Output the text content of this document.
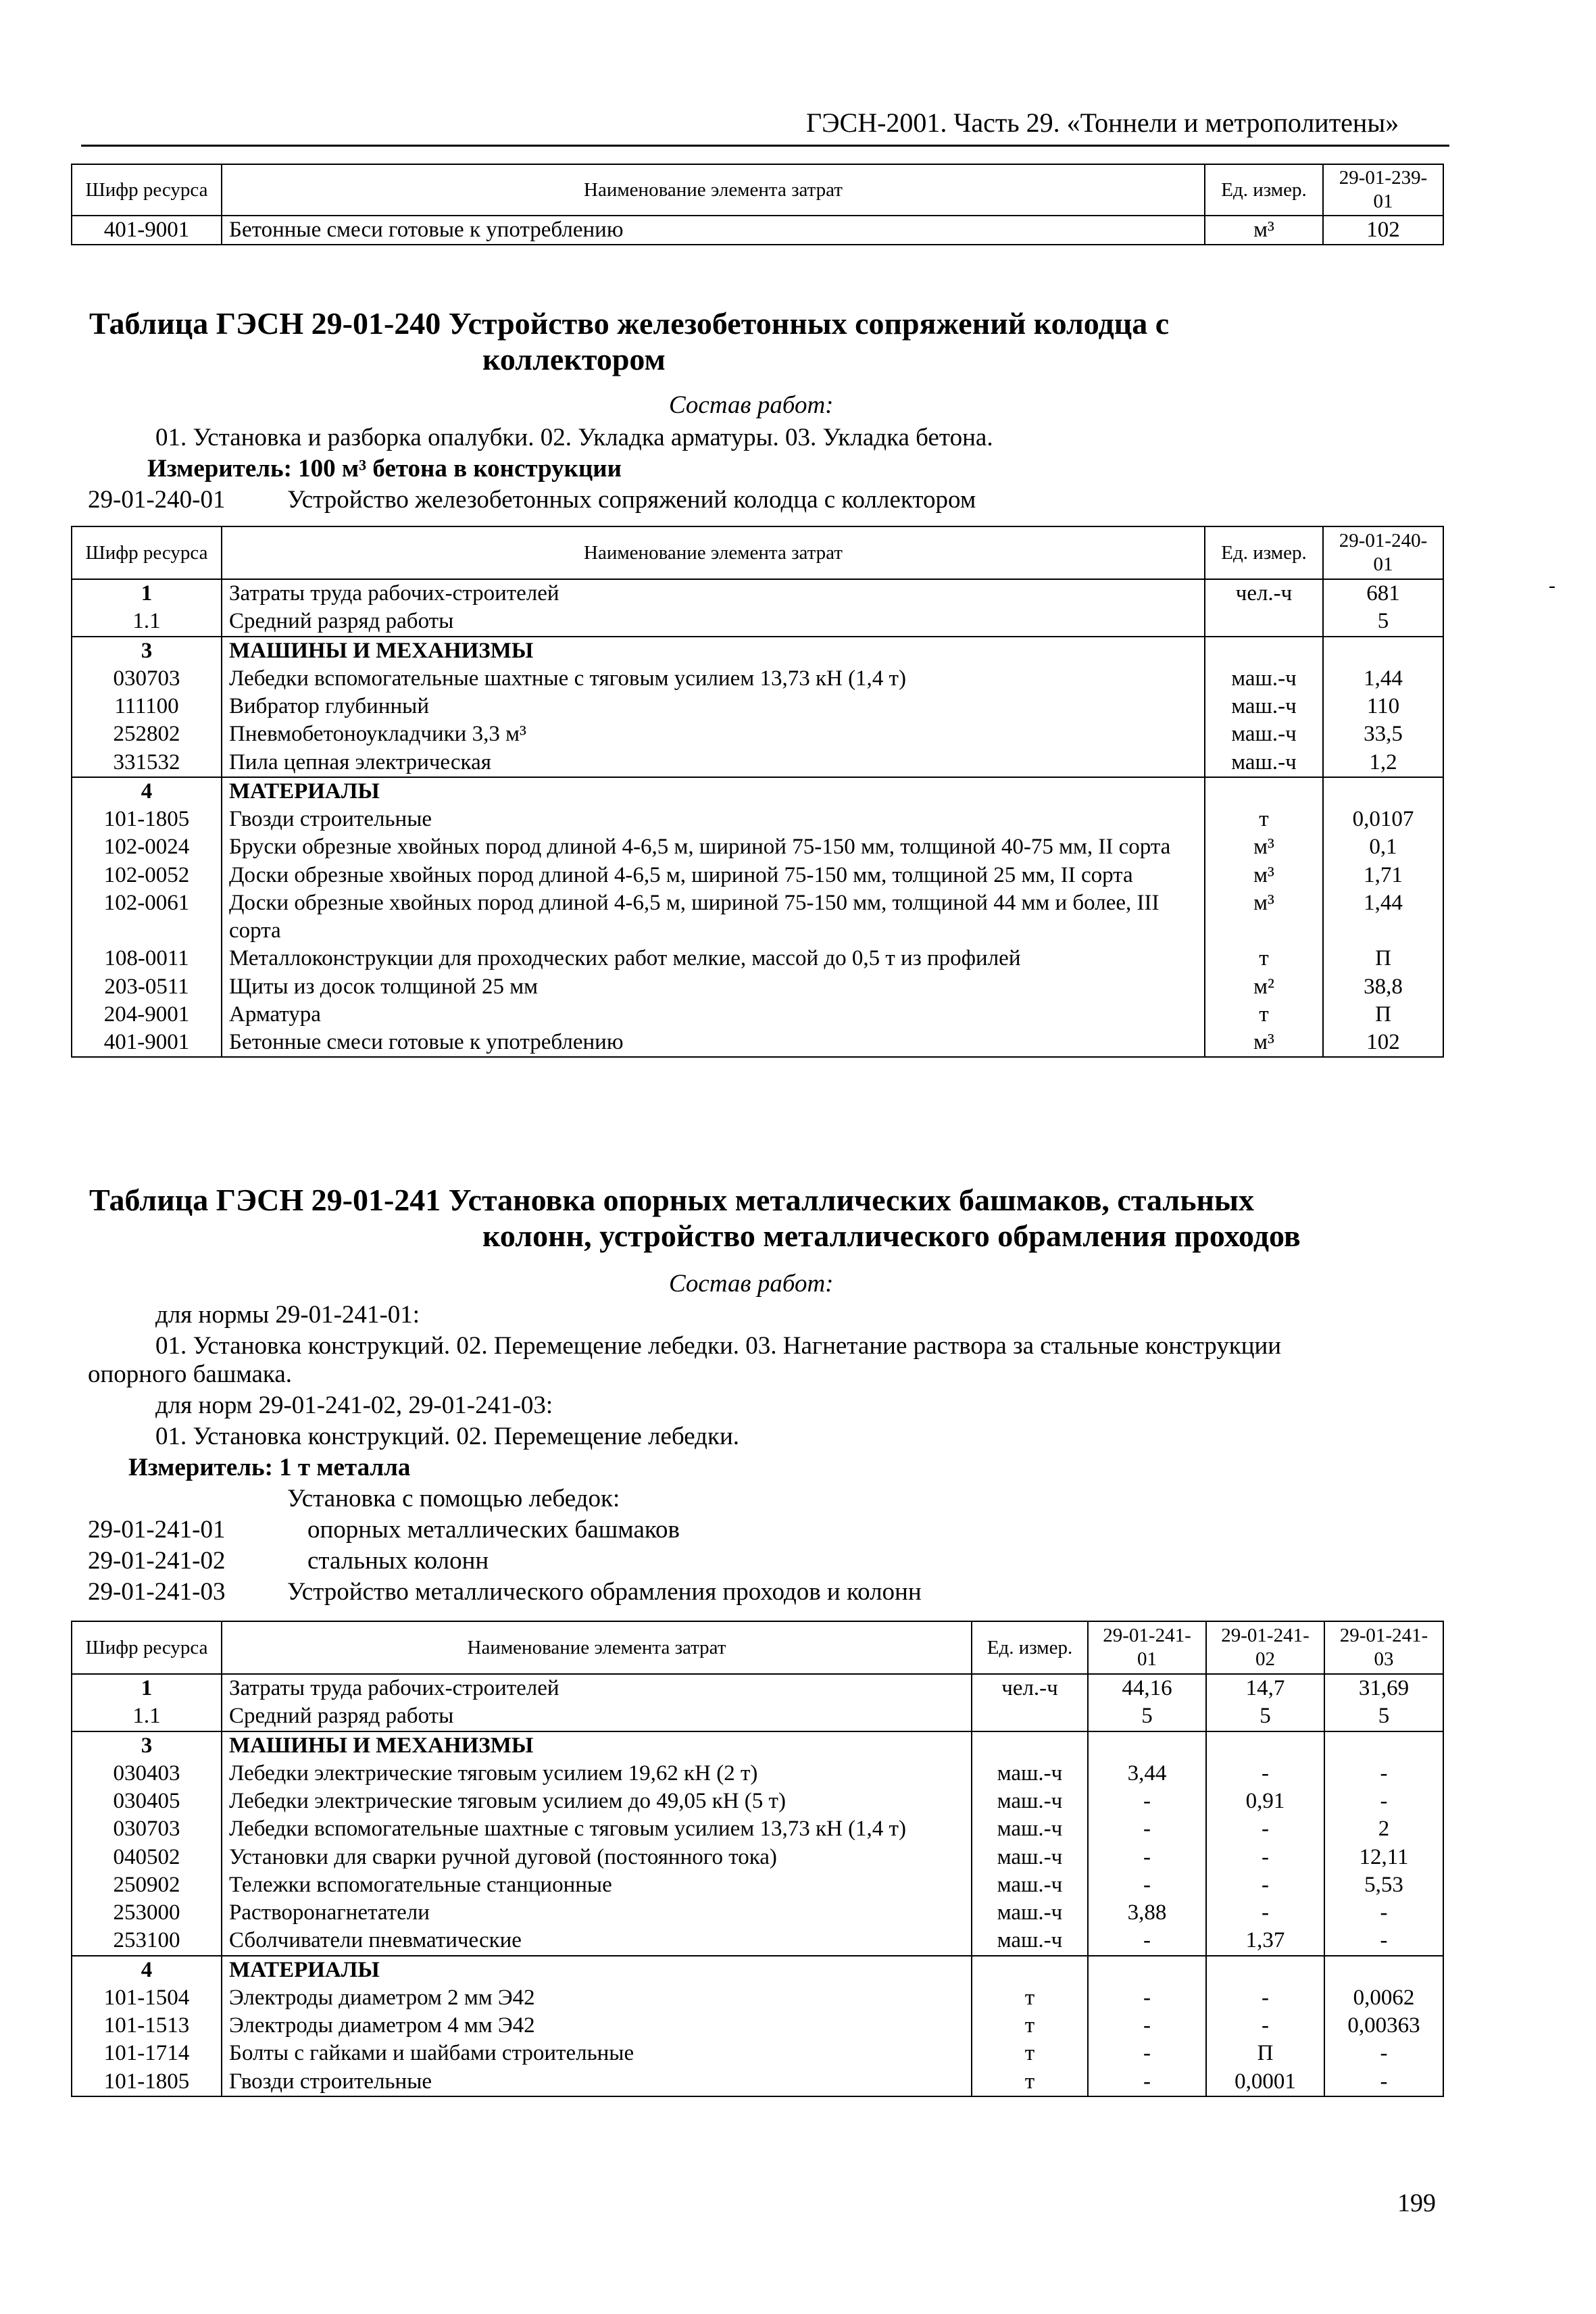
ГЭСН-2001. Часть 29. «Тоннели и метрополитены»
Шифр ресурса	Наименование элемента затрат	Ед. измер.	29-01-239-01
401-9001	Бетонные смеси готовые к употреблению	м³	102
Таблица ГЭСН 29-01-240 Устройство железобетонных сопряжений колодца с
коллектором
Состав работ:
01. Установка и разборка опалубки. 02. Укладка арматуры. 03. Укладка бетона.
Измеритель: 100 м³ бетона в конструкции
29-01-240-01 Устройство железобетонных сопряжений колодца с коллектором
Шифр ресурса	Наименование элемента затрат	Ед. измер.	29-01-240-01
1	Затраты труда рабочих-строителей	чел.-ч	681
1.1	Средний разряд работы		5
3	МАШИНЫ И МЕХАНИЗМЫ		
030703	Лебедки вспомогательные шахтные с тяговым усилием 13,73 кН (1,4 т)	маш.-ч	1,44
111100	Вибратор глубинный	маш.-ч	110
252802	Пневмобетоноукладчики 3,3 м³	маш.-ч	33,5
331532	Пила цепная электрическая	маш.-ч	1,2
4	МАТЕРИАЛЫ		
101-1805	Гвозди строительные	т	0,0107
102-0024	Бруски обрезные хвойных пород длиной 4-6,5 м, шириной 75-150 мм, толщиной 40-75 мм, II сорта	м³	0,1
102-0052	Доски обрезные хвойных пород длиной 4-6,5 м, шириной 75-150 мм, толщиной 25 мм, II сорта	м³	1,71
102-0061	Доски обрезные хвойных пород длиной 4-6,5 м, шириной 75-150 мм, толщиной 44 мм и более, III сорта	м³	1,44
108-0011	Металлоконструкции для проходческих работ мелкие, массой до 0,5 т из профилей	т	П
203-0511	Щиты из досок толщиной 25 мм	м²	38,8
204-9001	Арматура	т	П
401-9001	Бетонные смеси готовые к употреблению	м³	102
Таблица ГЭСН 29-01-241 Установка опорных металлических башмаков, стальных
колонн, устройство металлического обрамления проходов
Состав работ:
для нормы 29-01-241-01:
01. Установка конструкций. 02. Перемещение лебедки. 03. Нагнетание раствора за стальные конструкции
опорного башмака.
для норм 29-01-241-02, 29-01-241-03:
01. Установка конструкций. 02. Перемещение лебедки.
Измеритель: 1 т металла
Установка с помощью лебедок:
29-01-241-01	опорных металлических башмаков
29-01-241-02	стальных колонн
29-01-241-03 Устройство металлического обрамления проходов и колонн
Шифр ресурса	Наименование элемента затрат	Ед. измер.	29-01-241-01	29-01-241-02	29-01-241-03
1	Затраты труда рабочих-строителей	чел.-ч	44,16	14,7	31,69
1.1	Средний разряд работы		5	5	5
3	МАШИНЫ И МЕХАНИЗМЫ				
030403	Лебедки электрические тяговым усилием 19,62 кН (2 т)	маш.-ч	3,44	-	-
030405	Лебедки электрические тяговым усилием до 49,05 кН (5 т)	маш.-ч	-	0,91	-
030703	Лебедки вспомогательные шахтные с тяговым усилием 13,73 кН (1,4 т)	маш.-ч	-	-	2
040502	Установки для сварки ручной дуговой (постоянного тока)	маш.-ч	-	-	12,11
250902	Тележки вспомогательные станционные	маш.-ч	-	-	5,53
253000	Растворонагнетатели	маш.-ч	3,88	-	-
253100	Сболчиватели пневматические	маш.-ч	-	1,37	-
4	МАТЕРИАЛЫ				
101-1504	Электроды диаметром 2 мм Э42	т	-	-	0,0062
101-1513	Электроды диаметром 4 мм Э42	т	-	-	0,00363
101-1714	Болты с гайками и шайбами строительные	т	-	П	-
101-1805	Гвозди строительные	т	-	0,0001	-
-
199
